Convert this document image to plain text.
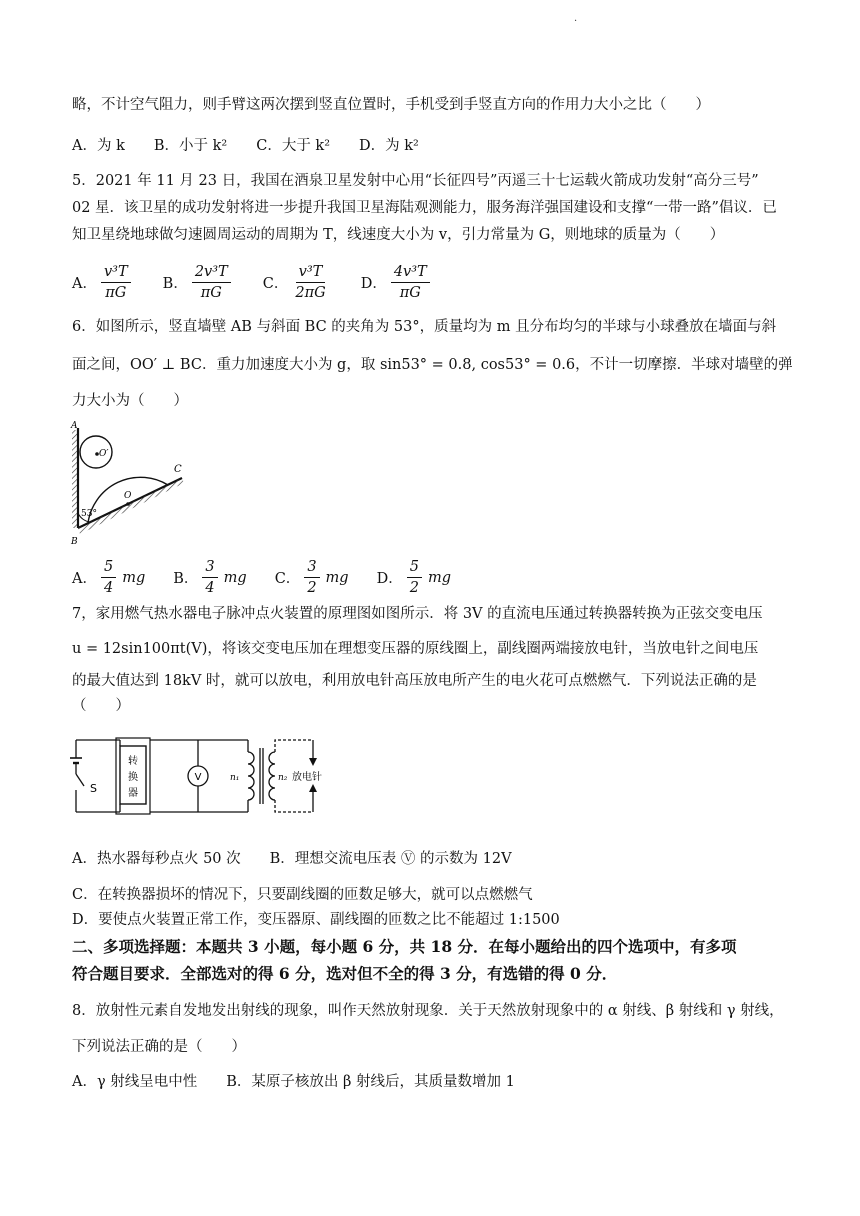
·
略，不计空气阻力，则手臂这两次摆到竖直位置时，手机受到手竖直方向的作用力大小之比（　　）
A．为 k　　B．小于 k²　　C．大于 k²　　D．为 k²
5．2021 年 11 月 23 日，我国在酒泉卫星发射中心用“长征四号”丙遥三十七运载火箭成功发射“高分三号”
02 星．该卫星的成功发射将进一步提升我国卫星海陆观测能力，服务海洋强国建设和支撑“一带一路”倡议．已
知卫星绕地球做匀速圆周运动的周期为 T，线速度大小为 v，引力常量为 G，则地球的质量为（　　）
A． $\frac{\text{v³T}}{\pi G}$ B． $\frac{\text{2v³T}}{\pi G}$ C． $\frac{\text{v³T}}{2\pi G}$ D． $\frac{\text{4v³T}}{\pi G}$
6．如图所示，竖直墙壁 AB 与斜面 BC 的夹角为 53°，质量均为 m 且分布均匀的半球与小球叠放在墙面与斜
面之间，OO′ ⊥ BC．重力加速度大小为 g，取 sin53° = 0.8, cos53° = 0.6，不计一切摩擦．半球对墙壁的弹
力大小为（　　）
A
B
C
O
O′
53°
A． $\frac{5}{4}$ mg B． $\frac{3}{4}$ mg C． $\frac{3}{2}$ mg D． $\frac{5}{2}$ mg
7，家用燃气热水器电子脉冲点火装置的原理图如图所示．将 3V 的直流电压通过转换器转换为正弦交变电压
u = 12sin100πt(V)，将该交变电压加在理想变压器的原线圈上，副线圈两端接放电针，当放电针之间电压
的最大值达到 18kV 时，就可以放电，利用放电针高压放电所产生的电火花可点燃燃气．下列说法正确的是
（　　）
S
转
换
器
V	n₁	n₂ 放电针
A．热水器每秒点火 50 次　　B．理想交流电压表 Ⓥ 的示数为 12V
C．在转换器损坏的情况下，只要副线圈的匝数足够大，就可以点燃燃气
D．要使点火装置正常工作，变压器原、副线圈的匝数之比不能超过 1:1500
二、多项选择题：本题共 3 小题，每小题 6 分，共 18 分．在每小题给出的四个选项中，有多项
符合题目要求．全部选对的得 6 分，选对但不全的得 3 分，有选错的得 0 分．
8．放射性元素自发地发出射线的现象，叫作天然放射现象．关于天然放射现象中的 α 射线、β 射线和 γ 射线，
下列说法正确的是（　　）
A．γ 射线呈电中性　　B．某原子核放出 β 射线后，其质量数增加 1
